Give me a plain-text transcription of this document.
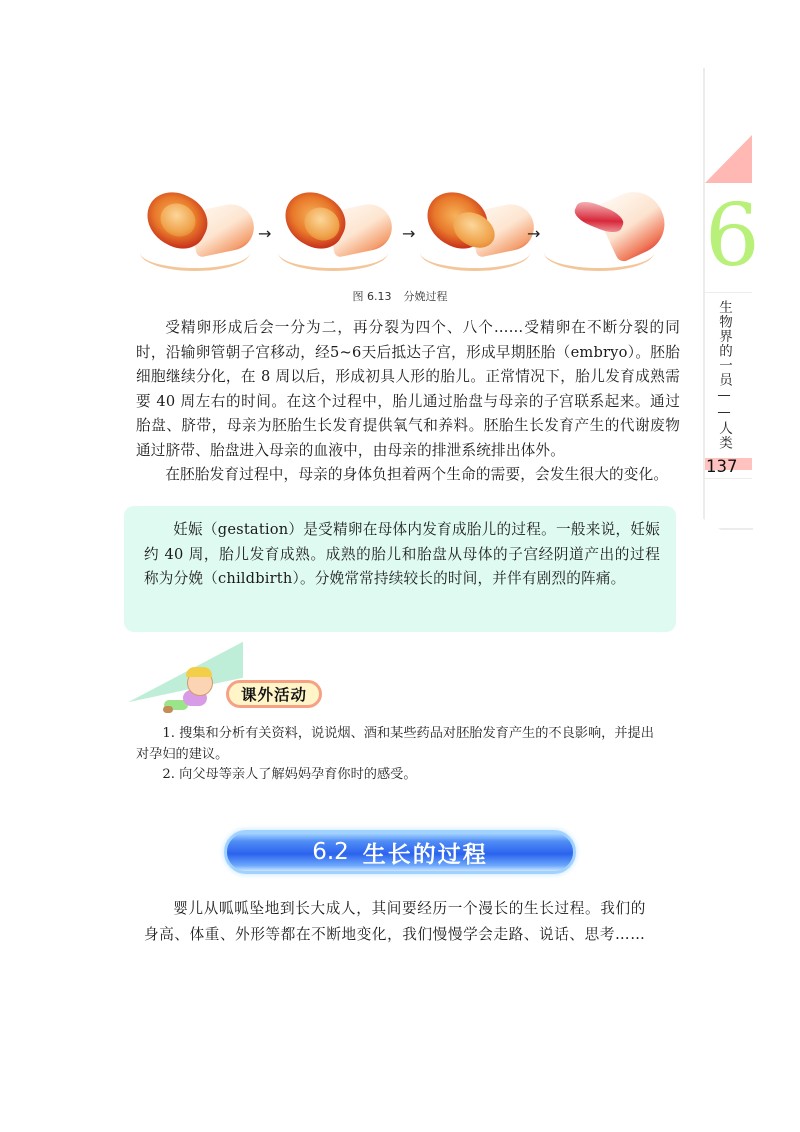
→	→	→
图 6.13 分娩过程
受精卵形成后会一分为二，再分裂为四个、八个……受精卵在不断分裂的同时，沿输卵管朝子宫移动，经5~6天后抵达子宫，形成早期胚胎（embryo）。胚胎细胞继续分化，在 8 周以后，形成初具人形的胎儿。正常情况下，胎儿发育成熟需要 40 周左右的时间。在这个过程中，胎儿通过胎盘与母亲的子宫联系起来。通过胎盘、脐带，母亲为胚胎生长发育提供氧气和养料。胚胎生长发育产生的代谢废物通过脐带、胎盘进入母亲的血液中，由母亲的排泄系统排出体外。
在胚胎发育过程中，母亲的身体负担着两个生命的需要，会发生很大的变化。
妊娠（gestation）是受精卵在母体内发育成胎儿的过程。一般来说，妊娠约 40 周，胎儿发育成熟。成熟的胎儿和胎盘从母体的子宫经阴道产出的过程称为分娩（childbirth）。分娩常常持续较长的时间，并伴有剧烈的阵痛。
课外活动
1. 搜集和分析有关资料，说说烟、酒和某些药品对胚胎发育产生的不良影响，并提出对孕妇的建议。
2. 向父母等亲人了解妈妈孕育你时的感受。
6.2 生长的过程
婴儿从呱呱坠地到长大成人，其间要经历一个漫长的生长过程。我们的身高、体重、外形等都在不断地变化，我们慢慢学会走路、说话、思考……
6
生物界的一员——人类
137
